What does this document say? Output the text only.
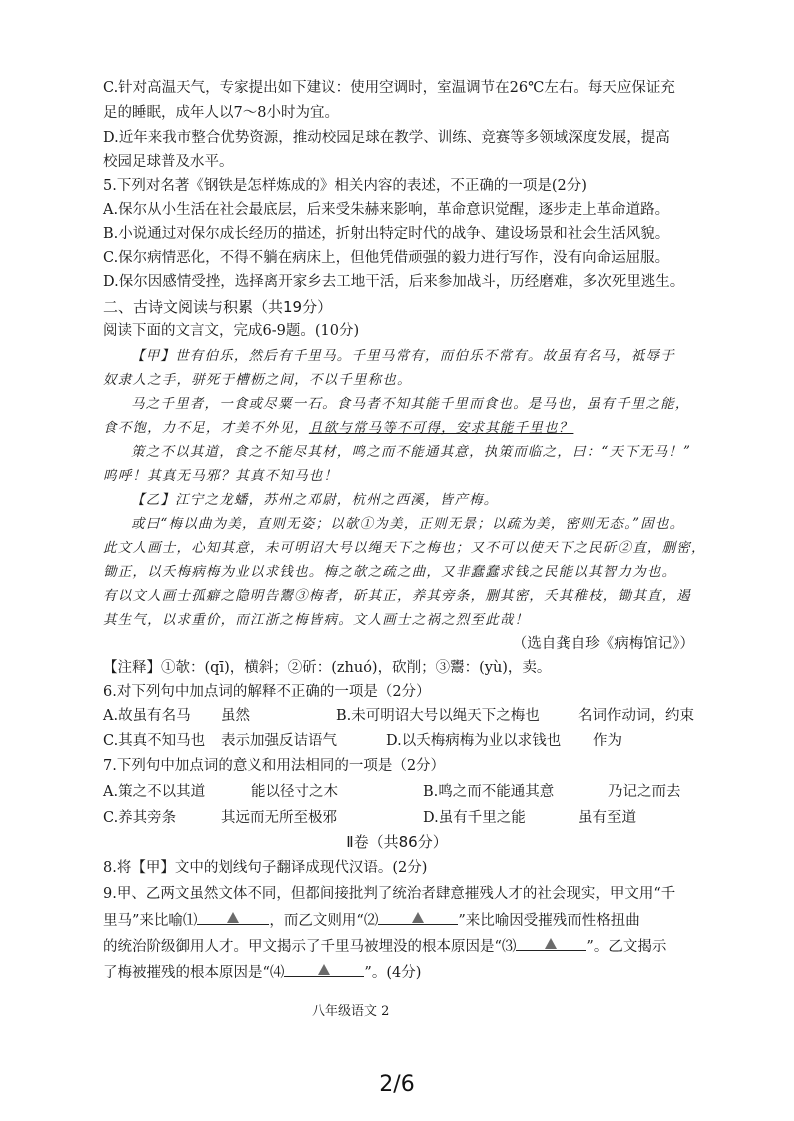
C.针对高温天气，专家提出如下建议：使用空调时，室温调节在26℃左右。每天应保证充
足的睡眠，成年人以7～8小时为宜。
D.近年来我市整合优势资源，推动校园足球在教学、训练、竞赛等多领域深度发展，提高
校园足球普及水平。
5.下列对名著《钢铁是怎样炼成的》相关内容的表述，不正确的一项是(2分)
A.保尔从小生活在社会最底层，后来受朱赫来影响，革命意识觉醒，逐步走上革命道路。
B.小说通过对保尔成长经历的描述，折射出特定时代的战争、建设场景和社会生活风貌。
C.保尔病情恶化，不得不躺在病床上，但他凭借顽强的毅力进行写作，没有向命运屈服。
D.保尔因感情受挫，选择离开家乡去工地干活，后来参加战斗，历经磨难，多次死里逃生。
二、古诗文阅读与积累（共19分）
阅读下面的文言文，完成6-9题。(10分)
【甲】世有伯乐，然后有千里马。千里马常有，而伯乐不常有。故虽有名马，祗辱于
奴隶人之手，骈死于槽枥之间，不以千里称也。
马之千里者，一食或尽粟一石。食马者不知其能千里而食也。是马也，虽有千里之能，
食不饱，力不足，才美不外见，且欲与常马等不可得，安求其能千里也？
策之不以其道，食之不能尽其材，鸣之而不能通其意，执策而临之，曰：“天下无马！”
呜呼！其真无马邪？其真不知马也！
【乙】江宁之龙蟠，苏州之邓尉，杭州之西溪，皆产梅。
或曰“梅以曲为美，直则无姿；以欹①为美，正则无景；以疏为美，密则无态。”固也。
此文人画士，心知其意，未可明诏大号以绳天下之梅也；又不可以使天下之民斫②直，删密，
锄正，以夭梅病梅为业以求钱也。梅之欹之疏之曲，又非蠢蠢求钱之民能以其智力为也。
有以文人画士孤癖之隐明告鬻③梅者，斫其正，养其旁条，删其密，夭其稚枝，锄其直，遏
其生气，以求重价，而江浙之梅皆病。文人画士之祸之烈至此哉！
（选自龚自珍《病梅馆记》）
【注释】①欹：(qī)，横斜；②斫：(zhuó)，砍削；③鬻：(yù)，卖。
6.对下列句中加点词的解释不正确的一项是（2分）
A.故虽有名马 虽然	B.未可明诏大号以绳天下之梅也	名词作动词，约束
C.其真不知马也 表示加强反诘语气	D.以夭梅病梅为业以求钱也 作为
7.下列句中加点词的意义和用法相同的一项是（2分）
A.策之不以其道	能以径寸之木	B.鸣之而不能通其意	乃记之而去
C.养其旁条	其远而无所至极邪	D.虽有千里之能	虽有至道
Ⅱ卷（共86分）
8.将【甲】文中的划线句子翻译成现代汉语。(2分)
9.甲、乙两文虽然文体不同，但都间接批判了统治者肆意摧残人才的社会现实，甲文用“千
里马”来比喻⑴	，而乙文则用“⑵	”来比喻因受摧残而性格扭曲
的统治阶级御用人才。甲文揭示了千里马被埋没的根本原因是“⑶	”。乙文揭示
了梅被摧残的根本原因是“⑷	”。(4分)
八年级语文 2
2/6
